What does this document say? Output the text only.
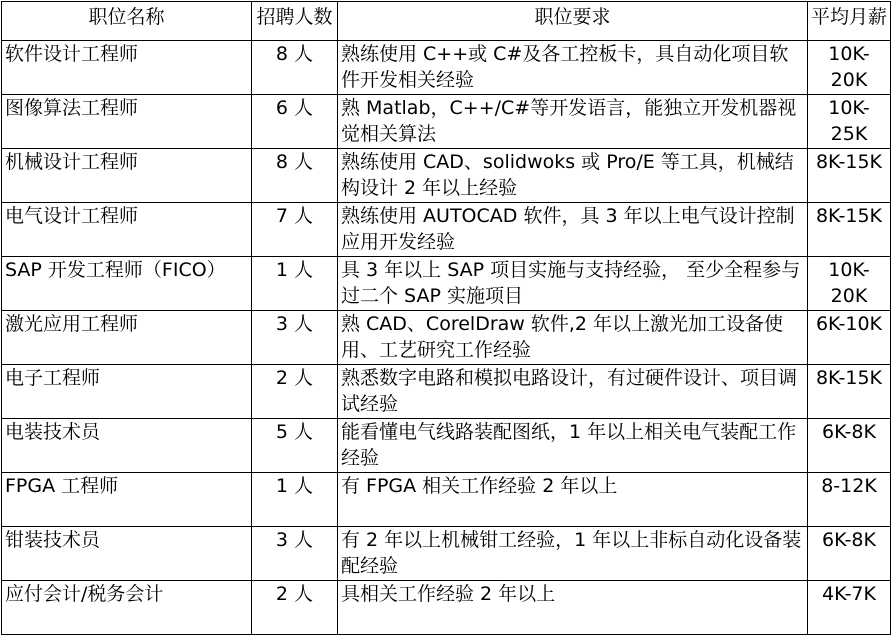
职位名称	招聘人数	职位要求	平均月薪
软件设计工程师	8 人	熟练使用 C++或 C#及各工控板卡，具自动化项目软件开发相关经验	10K-20K
图像算法工程师	6 人	熟 Matlab，C++/C#等开发语言，能独立开发机器视觉相关算法	10K-25K
机械设计工程师	8 人	熟练使用 CAD、solidwoks 或 Pro/E 等工具，机械结构设计 2 年以上经验	8K-15K
电气设计工程师	7 人	熟练使用 AUTOCAD 软件，具 3 年以上电气设计控制应用开发经验	8K-15K
SAP 开发工程师（FICO）	1 人	具 3 年以上 SAP 项目实施与支持经验， 至少全程参与过二个 SAP 实施项目	10K-20K
激光应用工程师	3 人	熟 CAD、CorelDraw 软件,2 年以上激光加工设备使用、工艺研究工作经验	6K-10K
电子工程师	2 人	熟悉数字电路和模拟电路设计，有过硬件设计、项目调试经验	8K-15K
电装技术员	5 人	能看懂电气线路装配图纸，1 年以上相关电气装配工作经验	6K-8K
FPGA 工程师	1 人	有 FPGA 相关工作经验 2 年以上	8-12K
钳装技术员	3 人	有 2 年以上机械钳工经验，1 年以上非标自动化设备装配经验	6K-8K
应付会计/税务会计	2 人	具相关工作经验 2 年以上	4K-7K
